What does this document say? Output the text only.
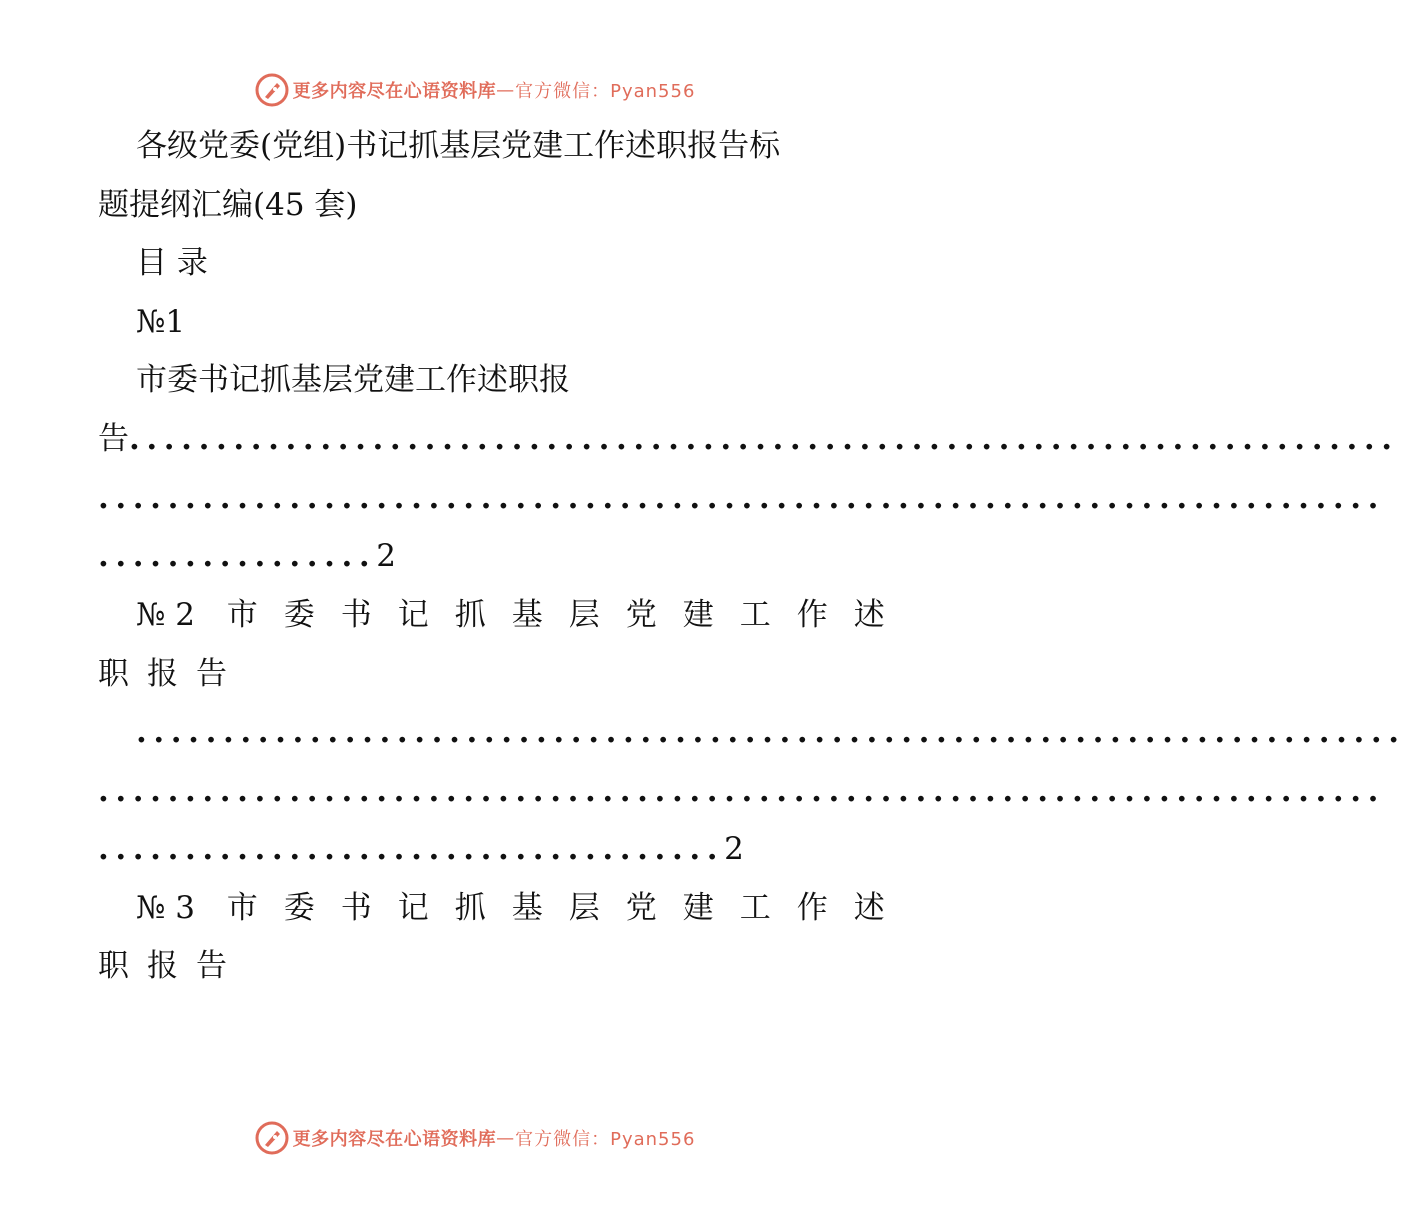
更多内容尽在心语资料库 — 官方微信：Pyan556
各级党委(党组)书记抓基层党建工作述职报告标
题提纲汇编(45 套)
目 录
№1
市委书记抓基层党建工作述职报
告.........................................................................
..........................................................................
................2
№ 2 市委书记抓基层党建工作述
职报告
.........................................................................
..........................................................................
....................................2
№ 3 市委书记抓基层党建工作述
更多内容尽在心语资料库 — 官方微信：Pyan556
职报告
